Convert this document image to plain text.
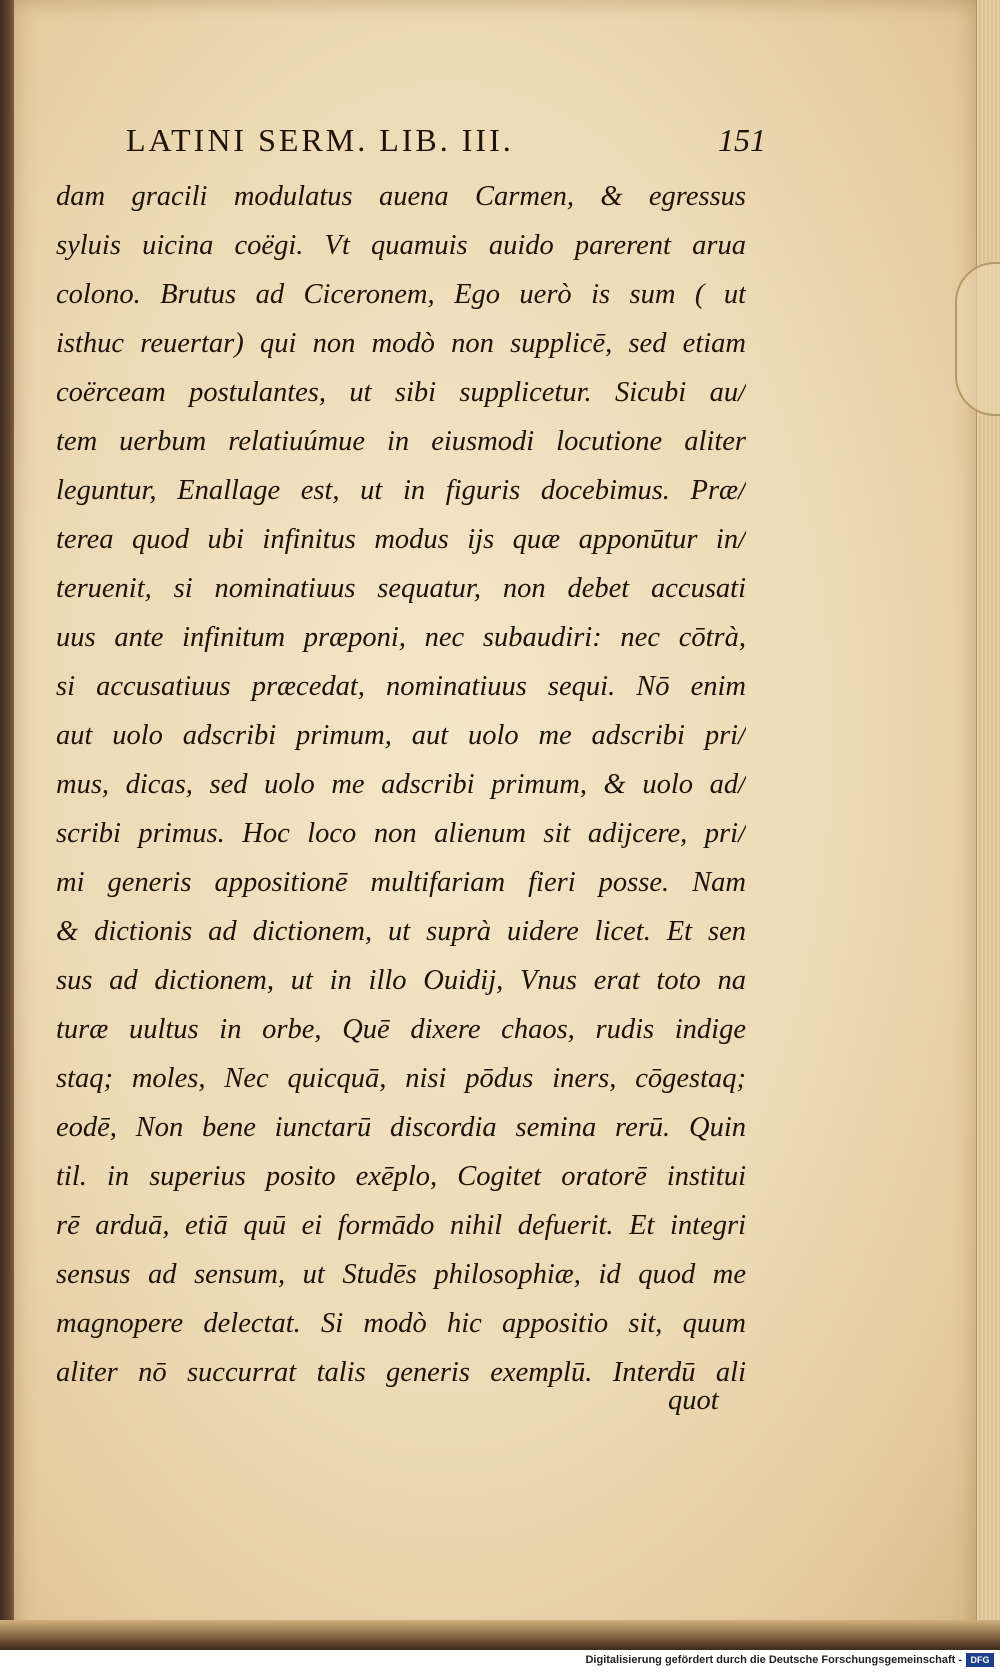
LATINI SERM. LIB. III.	151
dam gracili modulatus auena Carmen, & egressus
syluis uicina coëgi. Vt quamuis auido parerent arua
colono. Brutus ad Ciceronem, Ego uerò is sum ( ut
isthuc reuertar) qui non modò non supplicē, sed etiam
coërceam postulantes, ut sibi supplicetur. Sicubi au/
tem uerbum relatiuúmue in eiusmodi locutione aliter
leguntur, Enallage est, ut in figuris docebimus. Præ/
terea quod ubi infinitus modus ijs quæ apponūtur in/
teruenit, si nominatiuus sequatur, non debet accusati
uus ante infinitum præponi, nec subaudiri: nec cōtrà,
si accusatiuus præcedat, nominatiuus sequi. Nō enim
aut uolo adscribi primum, aut uolo me adscribi pri/
mus, dicas, sed uolo me adscribi primum, & uolo ad/
scribi primus. Hoc loco non alienum sit adijcere, pri/
mi generis appositionē multifariam fieri posse. Nam
& dictionis ad dictionem, ut suprà uidere licet. Et sen
sus ad dictionem, ut in illo Ouidij, Vnus erat toto na
turæ uultus in orbe, Quē dixere chaos, rudis indige
staq; moles, Nec quicquā, nisi pōdus iners, cōgestaq;
eodē, Non bene iunctarū discordia semina rerū. Quin
til. in superius posito exēplo, Cogitet oratorē institui
rē arduā, etiā quū ei formādo nihil defuerit. Et integri
sensus ad sensum, ut Studēs philosophiæ, id quod me
magnopere delectat. Si modò hic appositio sit, quum
aliter nō succurrat talis generis exemplū. Interdū ali
quot
Digitalisierung gefördert durch die Deutsche Forschungsgemeinschaft - DFG
